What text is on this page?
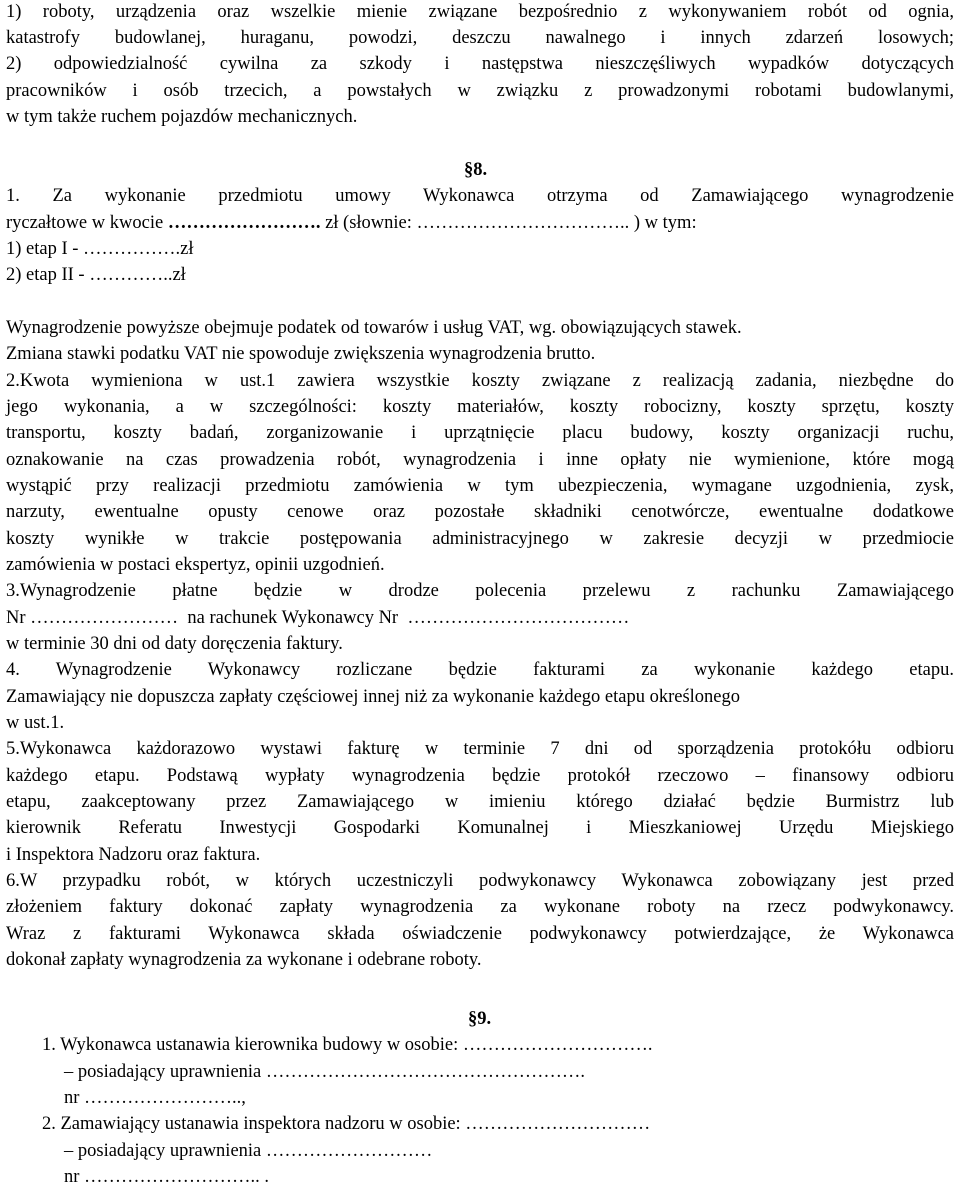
1) roboty, urządzenia oraz wszelkie mienie związane bezpośrednio z wykonywaniem robót od ognia,
katastrofy budowlanej, huraganu, powodzi, deszczu nawalnego i innych zdarzeń losowych;
2) odpowiedzialność cywilna za szkody i następstwa nieszczęśliwych wypadków dotyczących
pracowników i osób trzecich, a powstałych w związku z prowadzonymi robotami budowlanymi,
w tym także ruchem pojazdów mechanicznych.
§8.
1. Za wykonanie przedmiotu umowy Wykonawca otrzyma od Zamawiającego wynagrodzenie
ryczałtowe w kwocie ……………………. zł (słownie: …………………………….. ) w tym:
1) etap I - …………….zł
2) etap II - …………..zł
Wynagrodzenie powyższe obejmuje podatek od towarów i usług VAT, wg. obowiązujących stawek.
Zmiana stawki podatku VAT nie spowoduje zwiększenia wynagrodzenia brutto.
2.Kwota wymieniona w ust.1 zawiera wszystkie koszty związane z realizacją zadania, niezbędne do
jego wykonania, a w szczególności: koszty materiałów, koszty robocizny, koszty sprzętu, koszty
transportu, koszty badań, zorganizowanie i uprzątnięcie placu budowy, koszty organizacji ruchu,
oznakowanie na czas prowadzenia robót, wynagrodzenia i inne opłaty nie wymienione, które mogą
wystąpić przy realizacji przedmiotu zamówienia w tym ubezpieczenia, wymagane uzgodnienia, zysk,
narzuty, ewentualne opusty cenowe oraz pozostałe składniki cenotwórcze, ewentualne dodatkowe
koszty wynikłe w trakcie postępowania administracyjnego w zakresie decyzji w przedmiocie
zamówienia w postaci ekspertyz, opinii uzgodnień.
3.Wynagrodzenie płatne będzie w drodze polecenia przelewu z rachunku Zamawiającego
Nr ……………………  na rachunek Wykonawcy Nr  ………………………………
w terminie 30 dni od daty doręczenia faktury.
4. Wynagrodzenie Wykonawcy rozliczane będzie fakturami za wykonanie każdego etapu.
Zamawiający nie dopuszcza zapłaty częściowej innej niż za wykonanie każdego etapu określonego
w ust.1.
5.Wykonawca każdorazowo wystawi fakturę w terminie 7 dni od sporządzenia protokółu odbioru
każdego etapu. Podstawą wypłaty wynagrodzenia będzie protokół rzeczowo – finansowy odbioru
etapu, zaakceptowany przez Zamawiającego w imieniu którego działać będzie Burmistrz lub
kierownik Referatu Inwestycji Gospodarki Komunalnej i Mieszkaniowej Urzędu Miejskiego
i Inspektora Nadzoru oraz faktura.
6.W przypadku robót, w których uczestniczyli podwykonawcy Wykonawca zobowiązany jest przed
złożeniem faktury dokonać zapłaty wynagrodzenia za wykonane roboty na rzecz podwykonawcy.
Wraz z fakturami Wykonawca składa oświadczenie podwykonawcy potwierdzające, że Wykonawca
dokonał zapłaty wynagrodzenia za wykonane i odebrane roboty.
§9.
1. Wykonawca ustanawia kierownika budowy w osobie: ………………………….
– posiadający uprawnienia …………………………………………….
nr ……………………..,
2. Zamawiający ustanawia inspektora nadzoru w osobie: …………………………
– posiadający uprawnienia ………………………
nr ……………………….. .
